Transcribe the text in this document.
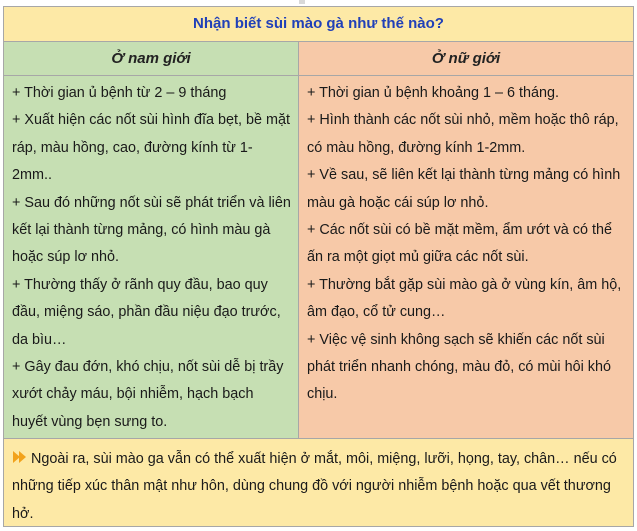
Nhận biết sùi mào gà như thế nào?
Ở nam giới	Ở nữ giới

+ Thời gian ủ bệnh từ 2 – 9 tháng

+ Xuất hiện các nốt sùi hình đĩa bẹt, bề mặt ráp, màu hồng, cao, đường kính từ 1-2mm..

+ Sau đó những nốt sùi sẽ phát triển và liên kết lại thành từng mảng, có hình màu gà hoặc súp lơ nhỏ.

+ Thường thấy ở rãnh quy đầu, bao quy đầu, miệng sáo, phần đầu niệu đạo trước, da bìu…

+ Gây đau đớn, khó chịu, nốt sùi dễ bị trầy xướt chảy máu, bội nhiễm, hạch bạch huyết vùng bẹn sưng to.

+ Thời gian ủ bệnh khoảng 1 – 6 tháng.

+ Hình thành các nốt sùi nhỏ, mềm hoặc thô ráp, có màu hồng, đường kính 1-2mm.

+ Về sau, sẽ liên kết lại thành từng mảng có hình màu gà hoặc cái súp lơ nhỏ.

+ Các nốt sùi có bề mặt mềm, ẩm ướt và có thể ấn ra một giọt mủ giữa các nốt sùi.

+ Thường bắt gặp sùi mào gà ở vùng kín, âm hộ, âm đạo, cổ tử cung…

+ Việc vệ sinh không sạch sẽ khiến các nốt sùi phát triển nhanh chóng, màu đỏ, có mùi hôi khó chịu.

Ngoài ra, sùi mào ga vẫn có thể xuất hiện ở mắt, môi, miệng, lưỡi, họng, tay, chân… nếu có những tiếp xúc thân mật như hôn, dùng chung đồ với người nhiễm bệnh hoặc qua vết thương hở.
